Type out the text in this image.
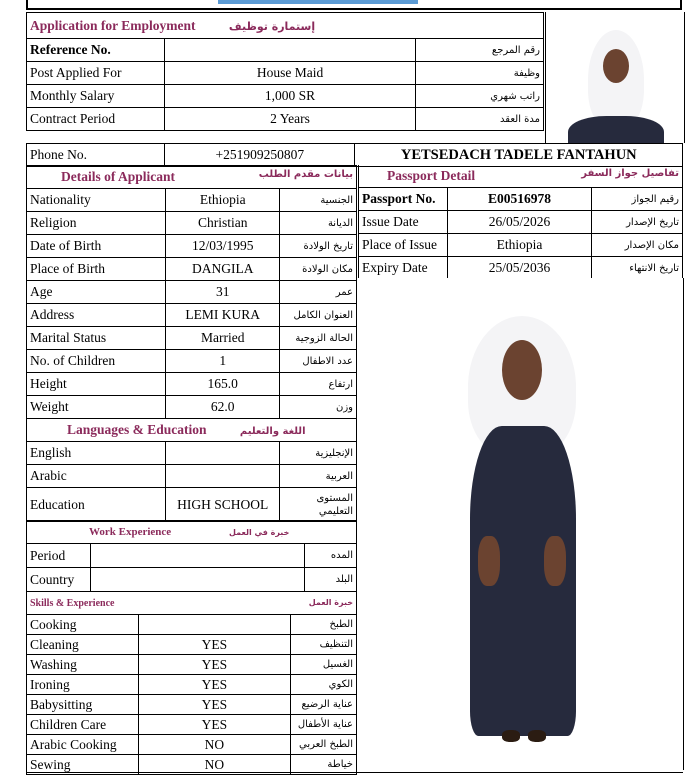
Application for Employment إستمارة توظيف		
Reference No.		رقم المرجع
Post Applied For	House Maid	وظيفة
Monthly Salary	1,000 SR	راتب شهري
Contract Period	2 Years	مدة العقد
Phone No.	+251909250807	YETSEDACH TADELE FANTAHUN
Details of Applicant بيانات مقدم الطلب		

Nationality	Ethiopia	الجنسية
Religion	Christian	الديانة
Date of Birth	12/03/1995	تاريخ الولادة
Place of Birth	DANGILA	مكان الولادة
Age	31	عمر
Address	LEMI KURA	العنوان الكامل
Marital Status	Married	الحالة الزوجية
No. of Children	1	عدد الاطفال
Height	165.0	ارتفاع
Weight	62.0	وزن
Languages & Education اللغة والتعليم		
English		الإنجليزية
Arabic		العربية
Education	HIGH SCHOOL	المستوى التعليمي
Work Experience خبرة في العمل		
Period		المده
Country		البلد
Skills & Experience خبرة العمل		

Cooking		الطبخ
Cleaning	YES	التنظيف
Washing	YES	الغسيل
Ironing	YES	الكوي
Babysitting	YES	عناية الرضيع
Children Care	YES	عناية الأطفال
Arabic Cooking	NO	الطبخ العربي
Sewing	NO	خياطة
Passport Detail تفاصيل جواز السفر		

Passport No.	E00516978	رقيم الجواز
Issue Date	26/05/2026	تاريخ الإصدار
Place of Issue	Ethiopia	مكان الإصدار
Expiry Date	25/05/2036	تاريخ الانتهاء
